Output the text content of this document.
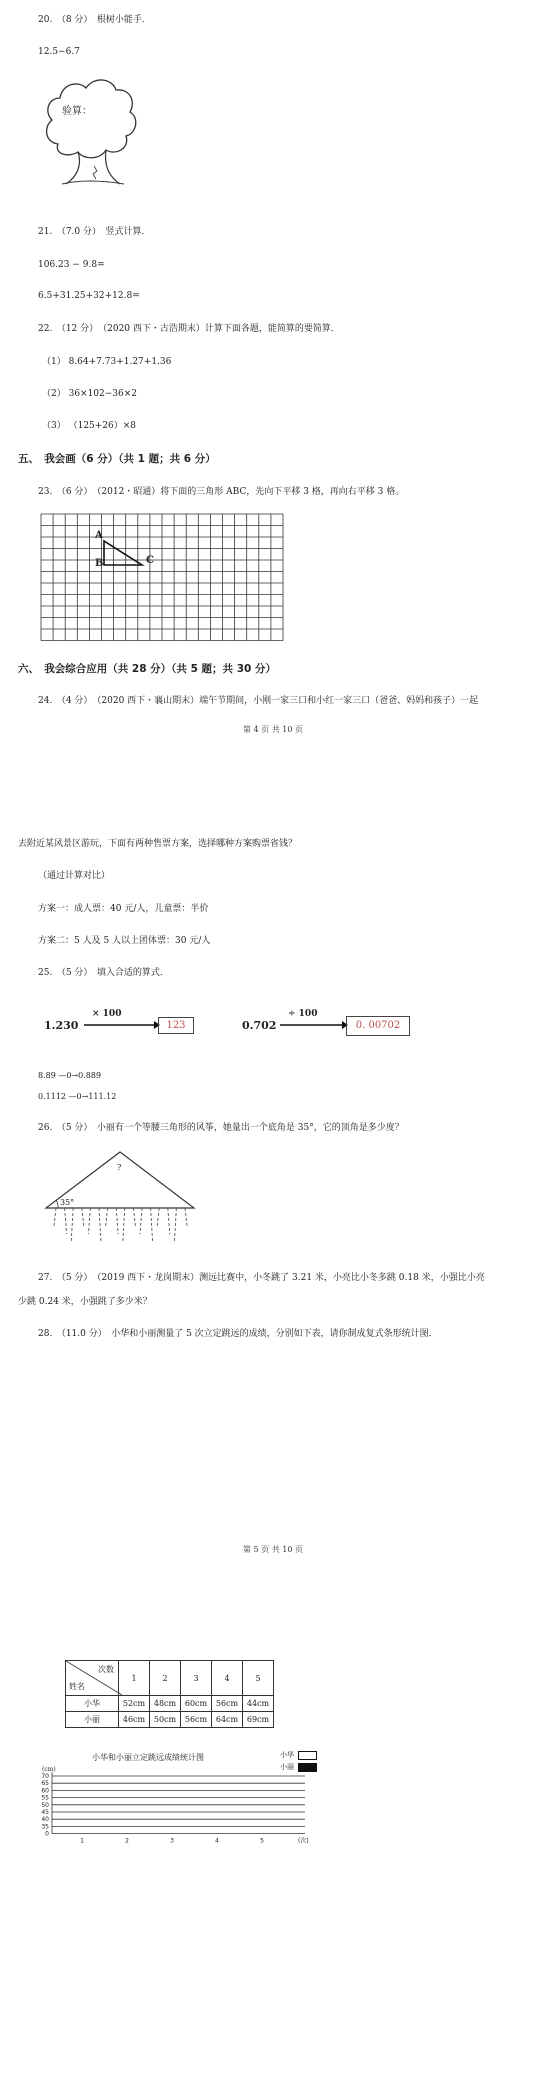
20.　（8 分）　根树小能手．
12.5−6.7
验算：
21.　（7.0 分）　竖式计算．
106.23 − 9.8=
6.5+31.25+32+12.8=
22.　（12 分）　（2020 西下・古浩期末）计算下面各题，能简算的要简算．
（1） 8.64+7.73+1.27+1.36
（2） 36×102−36×2
（3） （125+26）×8
五、　我会画（6 分）（共 1 题；共 6 分）
23.　（6 分）　（2012・昭通）将下面的三角形 ABC，先向下平移 3 格，再向右平移 3 格。
A
B	C
六、　我会综合应用（共 28 分）（共 5 题；共 30 分）
24.　（4 分）　（2020 西下・襄山期末）端午节期间，小刚一家三口和小红一家三口（爸爸、妈妈和孩子）一起
第 4 页 共 10 页
去附近某风景区游玩，下面有两种售票方案，选择哪种方案购票省钱？
（通过计算对比）
方案一：成人票：40 元/人，儿童票：半价
方案二：5 人及 5 人以上团体票：30 元/人
25.　（5 分）　填入合适的算式．
1.230
× 100
123	0.702
÷ 100
0. 00702
8.89 —0→0.889
0.1112 —0→111.12
26.　（5 分）　小丽有一个等腰三角形的风筝，她量出一个底角是 35°，它的顶角是多少度？
35°
?
27.　（5 分）　（2019 西下・龙岗期末）测远比赛中，小冬跳了 3.21 米，小亮比小冬多跳 0.18 米，小强比小亮
少跳 0.24 米，小强跳了多少米？
28.　（11.0 分）　小华和小丽测量了 5 次立定跳远的成绩，分别如下表，请你制成复式条形统计图．
第 5 页 共 10 页
次数
姓名	1	2	3	4	5

小华	52cm	48cm	60cm	56cm	44cm
小丽	46cm	50cm	56cm	64cm	69cm
小华和小丽立定跳远成绩统计图	小华
小丽
(cm)
70
65
60
55
50
45
40
35
0
1	2	3	4	5	(次)
